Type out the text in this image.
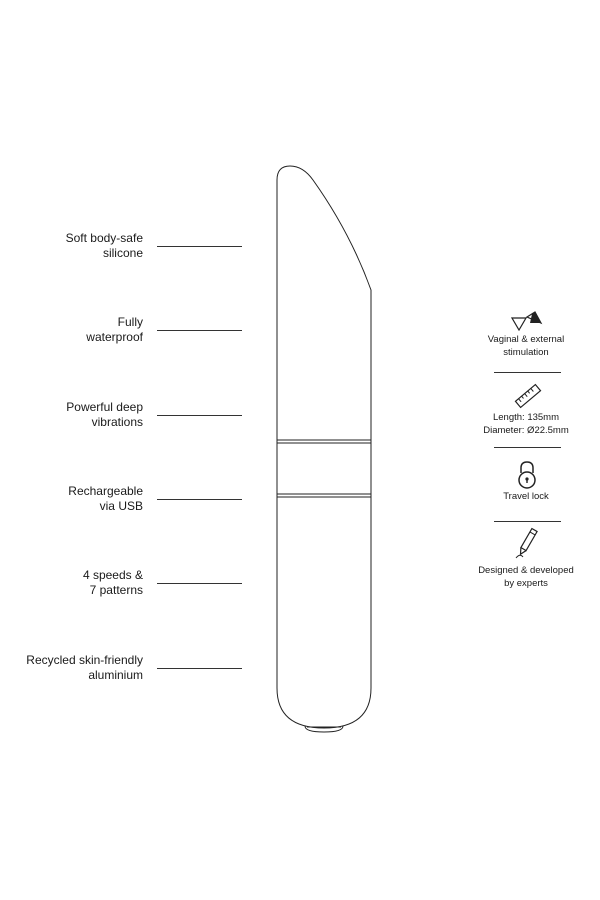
Soft body-safe
silicone
Fully
waterproof
Powerful deep
vibrations
Rechargeable
via USB
4 speeds &
7 patterns
Recycled skin-friendly
aluminium
Vaginal & external
stimulation
Length: 135mm
Diameter: Ø22.5mm
Travel lock
Designed & developed
by experts
